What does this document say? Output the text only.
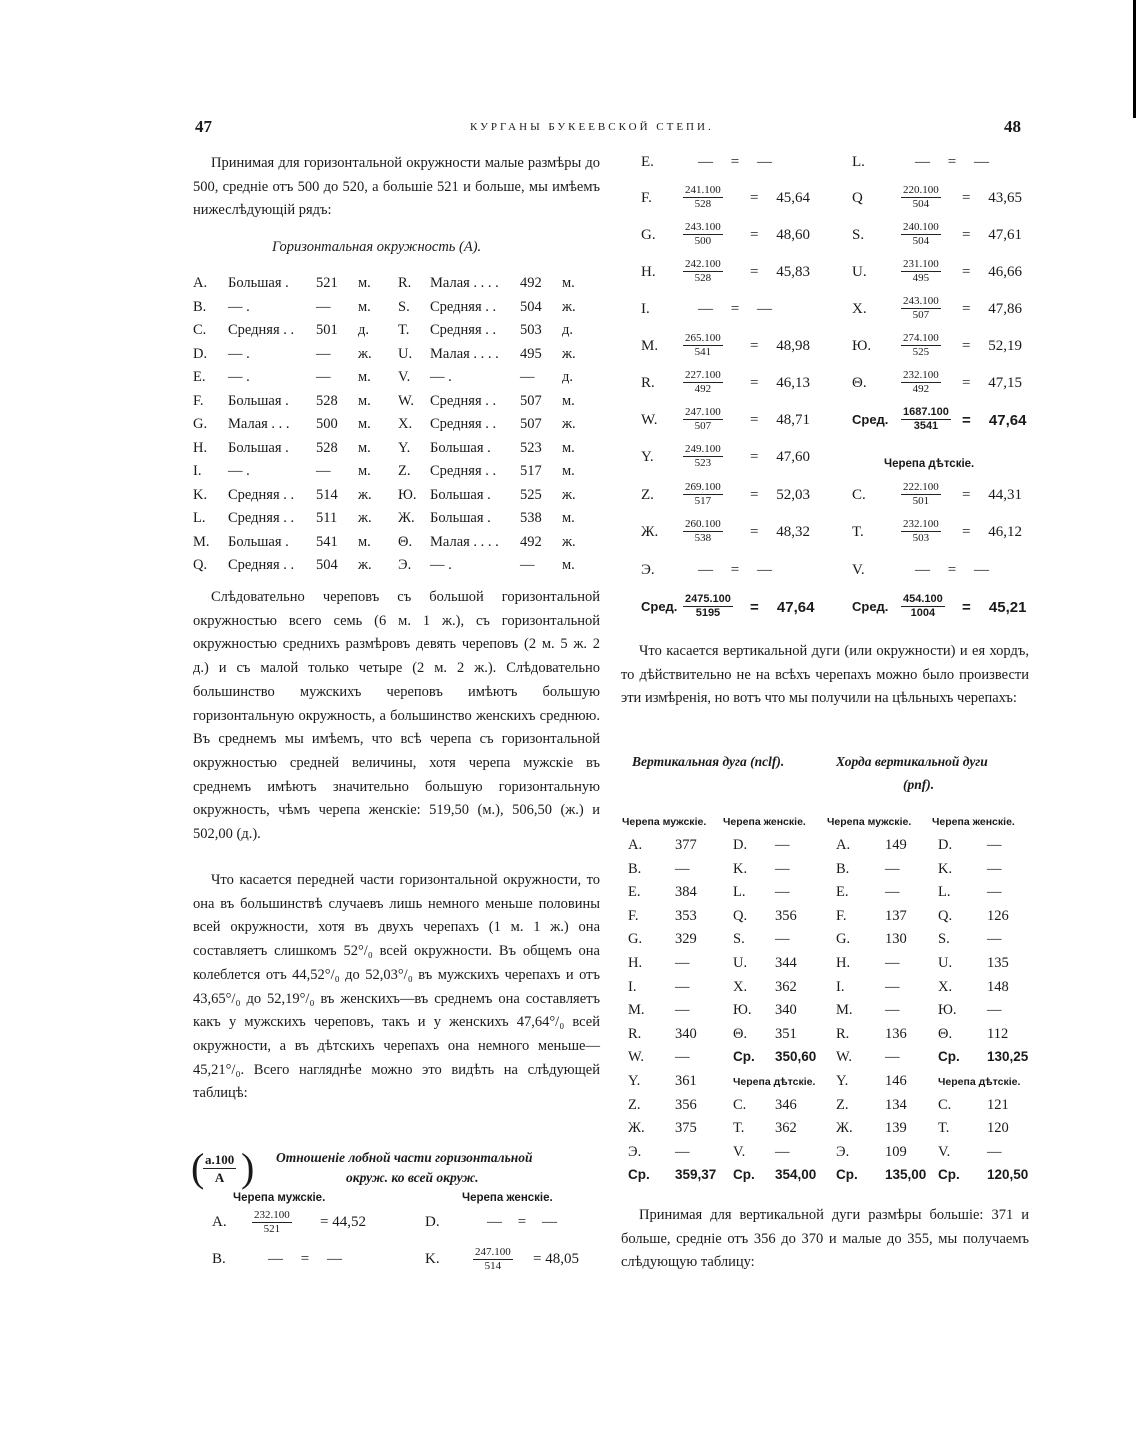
47	КУРГАНЫ БУКЕЕВСКОЙ СТЕПИ.	48

Принимая для горизонтальной окружности малые размѣры до 500, средніе отъ 500 до 520, а большіе 521 и больше, мы имѣемъ нижеслѣдующій рядъ:

Горизонтальная окружность (A).
A. Большая . 521 м. R. Малая . . . . 492 м.
B. — .	— м. S. Средняя . . 504 ж.
C. Средняя . . 501 д. T. Средняя . . 503 д.
D. — .	— ж. U. Малая . . . . 495 ж.
E. — .	— м. V. — .	— д.
F. Большая . 528 м. W. Средняя . . 507 м.
G. Малая . . . 500 м. X. Средняя . . 507 ж.
H. Большая . 528 м. Y. Большая . 523 м.
I. — .	— м. Z. Средняя . . 517 м.
K. Средняя . . 514 ж. Ю. Большая . 525 ж.
L. Средняя . . 511 ж. Ж. Большая . 538 м.
M. Большая . 541 м. Θ. Малая . . . . 492 ж.
Q. Средняя . . 504 ж. Э. — .	— м.

Слѣдовательно череповъ съ большой горизонтальной окружностью всего семь (6 м. 1 ж.), съ горизонтальной окружностью среднихъ размѣровъ девять череповъ (2 м. 5 ж. 2 д.) и съ малой только четыре (2 м. 2 ж.). Слѣдовательно большинство мужскихъ череповъ имѣютъ большую горизонтальную окружность, а большинство женскихъ среднюю. Въ среднемъ мы имѣемъ, что всѣ черепа съ горизонтальной окружностью средней величины, хотя черепа мужскіе въ среднемъ имѣютъ значительно большую горизонтальную окружность, чѣмъ черепа женскіе: 519,50 (м.), 506,50 (ж.) и 502,00 (д.).

Что касается передней части горизонтальной окружности, то она въ большинствѣ случаевъ лишь немного меньше половины всей окружности, хотя въ двухъ черепахъ (1 м. 1 ж.) она составляетъ слишкомъ 52°/₀ всей окружности. Въ общемъ она колеблется отъ 44,52°/₀ до 52,03°/₀ въ мужскихъ черепахъ и отъ 43,65°/₀ до 52,19°/₀ въ женскихъ—въ среднемъ она составляетъ какъ у мужскихъ череповъ, такъ и у женскихъ 47,64°/₀ всей окружности, а въ дѣтскихъ черепахъ она немного меньше—45,21°/₀. Всего нагляднѣе можно это видѣть на слѣдующей таблицѣ:

(
$\frac{a.100}{A}$ ) Отношеніе лобной части горизонтальной
окруж. ко всей окруж.
Черепа мужскіе.	Черепа женскіе.
A. $\frac{232.100}{521} = 44,52$	D.	— = —
B.	— = —	K.	$\frac{247.100}{514} = 48,05$
E.	— = —	L.	— = —
F.	$\frac{241.100}{528} = 45,64$	Q	$\frac{220.100}{504} = 43,65$
G. $\frac{243.100}{500} = 48,60$	S.	$\frac{240.100}{504} = 47,61$
H. $\frac{242.100}{528} = 45,83$	U.	$\frac{231.100}{495} = 46,66$
I.	— = —	X.	$\frac{243.100}{507} = 47,86$
M. $\frac{265.100}{541} = 48,98$	Ю.	$\frac{274.100}{525} = 52,19$
R.	$\frac{227.100}{492} = 46,13$	Θ.	$\frac{232.100}{492} = 47,15$
W. $\frac{247.100}{507} = 48,71$	Сред. $\frac{1687.100}{3541} = 47,64$
Y.	$\frac{249.100}{523} = 47,60$
Z.	$\frac{269.100}{517} = 52,03$	C.	$\frac{222.100}{501} = 44,31$
Ж. $\frac{260.100}{538} = 48,32$	T.	$\frac{232.100}{503} = 46,12$
Э.	— = —	V.	— = —
Сред. $\frac{2475.100}{5195} = 47,64$	Сред. $\frac{454.100}{1004} = 45,21$
Черепа дѣтскіе.

Что касается вертикальной дуги (или окружности) и ея хордъ, то дѣйствительно не на всѣхъ черепахъ можно было произвести эти измѣренія, но вотъ что мы получили на цѣльныхъ черепахъ:

Вертикальная дуга (nclf).	Хорда вертикальной дуги
(pnf).
Черепа мужскіе. Черепа женскіе. Черепа мужскіе. Черепа женскіе.
A. 377	D. —	A. 149 D. —
B. —	K. —	B. —	K. —
E. 384	L. —	E.	—	L.	—
F.	353	Q. 356	F.	137 Q. 126
G. 329	S. —	G. 130 S.	—
H. —	U. 344	H. —	U. 135
I.	—	X. 362	I.	—	X. 148
M. —	Ю. 340	M. —	Ю. —
R. 340	Θ. 351	R. 136 Θ. 112
W. —	Ср. 350,60 W. —	Ср. 130,25
Y. 361	Черепа дѣтскіе. Y.	146	Черепа дѣтскіе.
Z. 356	C. 346	Z.	134 C. 121
Ж. 375	T. 362	Ж. 139 T.	120
Э. —	V. —	Э. 109 V.	—
Ср. 359,37 Ср. 354,00 Ср. 135,00 Ср. 120,50

Принимая для вертикальной дуги размѣры большіе: 371 и больше, средніе отъ 356 до 370 и малые до 355, мы получаемъ слѣдующую таблицу:
